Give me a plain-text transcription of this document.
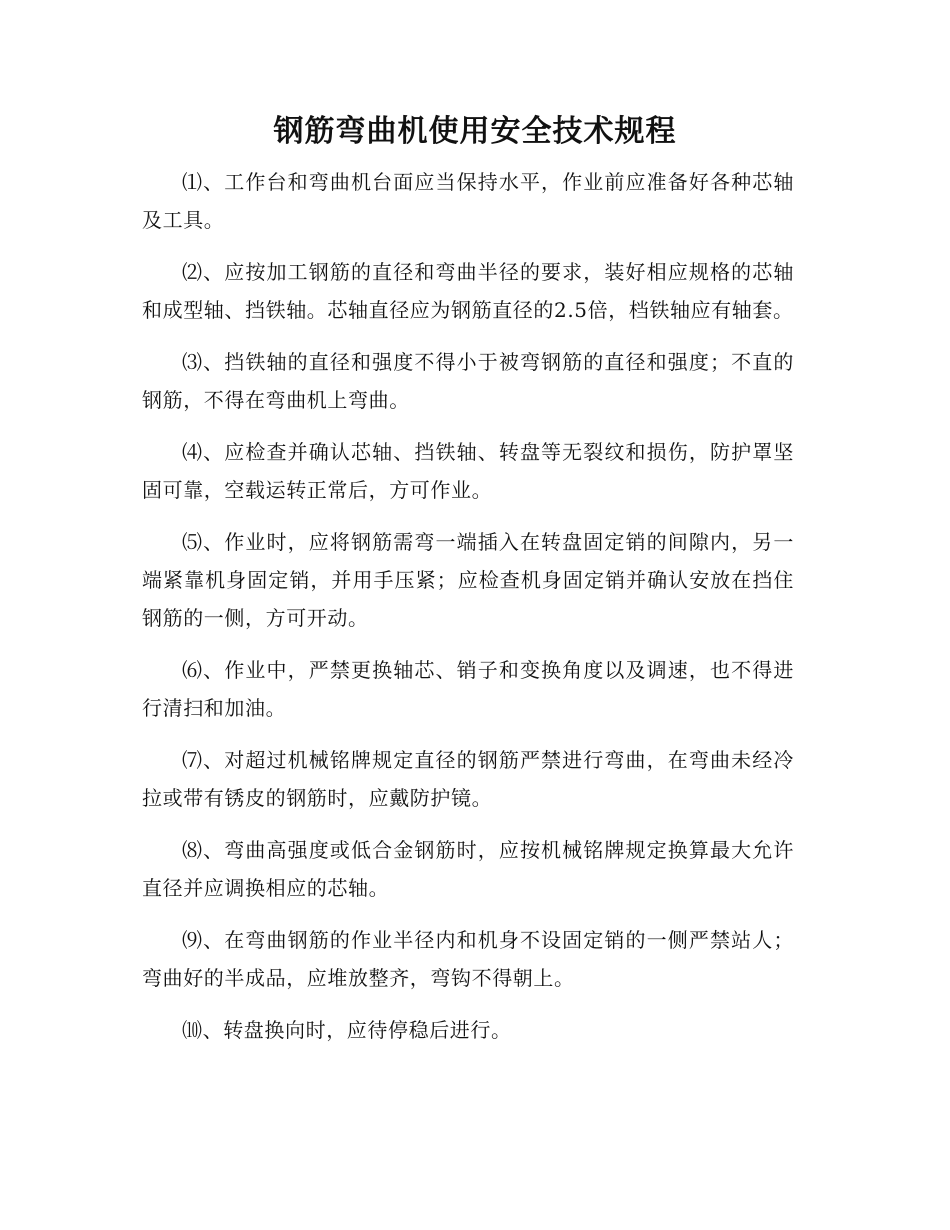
钢筋弯曲机使用安全技术规程

⑴、工作台和弯曲机台面应当保持水平，作业前应准备好各种芯轴及工具。

⑵、应按加工钢筋的直径和弯曲半径的要求，装好相应规格的芯轴和成型轴、挡铁轴。芯轴直径应为钢筋直径的2.5倍，档铁轴应有轴套。

⑶、挡铁轴的直径和强度不得小于被弯钢筋的直径和强度；不直的钢筋，不得在弯曲机上弯曲。

⑷、应检查并确认芯轴、挡铁轴、转盘等无裂纹和损伤，防护罩坚固可靠，空载运转正常后，方可作业。

⑸、作业时，应将钢筋需弯一端插入在转盘固定销的间隙内，另一端紧靠机身固定销，并用手压紧；应检查机身固定销并确认安放在挡住钢筋的一侧，方可开动。

⑹、作业中，严禁更换轴芯、销子和变换角度以及调速，也不得进行清扫和加油。

⑺、对超过机械铭牌规定直径的钢筋严禁进行弯曲，在弯曲未经冷拉或带有锈皮的钢筋时，应戴防护镜。

⑻、弯曲高强度或低合金钢筋时，应按机械铭牌规定换算最大允许直径并应调换相应的芯轴。

⑼、在弯曲钢筋的作业半径内和机身不设固定销的一侧严禁站人；弯曲好的半成品，应堆放整齐，弯钩不得朝上。

⑽、转盘换向时，应待停稳后进行。
